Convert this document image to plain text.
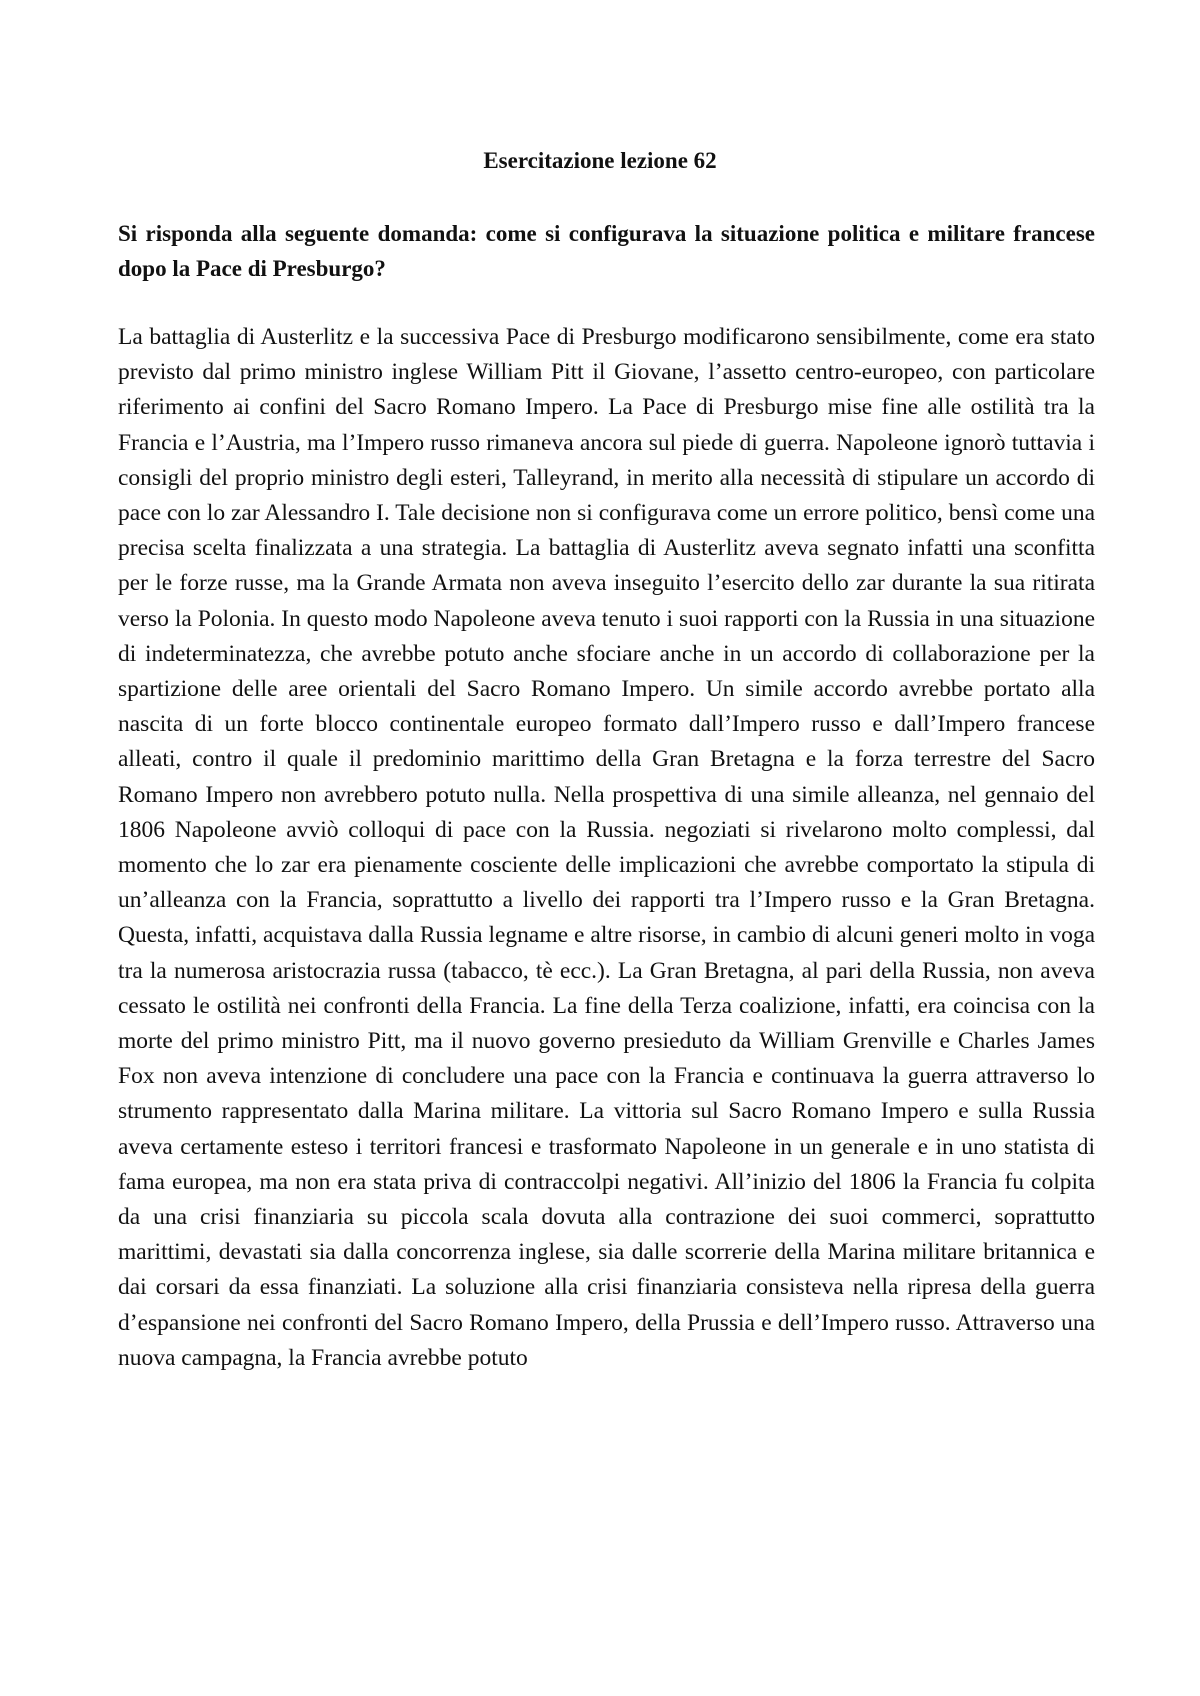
Esercitazione lezione 62

Si risponda alla seguente domanda: come si configurava la situazione politica e militare francese dopo la Pace di Presburgo?

La battaglia di Austerlitz e la successiva Pace di Presburgo modificarono sensibilmente, come era stato previsto dal primo ministro inglese William Pitt il Giovane, l’assetto centro-europeo, con particolare riferimento ai confini del Sacro Romano Impero. La Pace di Presburgo mise fine alle ostilità tra la Francia e l’Austria, ma l’Impero russo rimaneva ancora sul piede di guerra. Napoleone ignorò tuttavia i consigli del proprio ministro degli esteri, Talleyrand, in merito alla necessità di stipulare un accordo di pace con lo zar Alessandro I. Tale decisione non si configurava come un errore politico, bensì come una precisa scelta finalizzata a una strategia. La battaglia di Austerlitz aveva segnato infatti una sconfitta per le forze russe, ma la Grande Armata non aveva inseguito l’esercito dello zar durante la sua ritirata verso la Polonia. In questo modo Napoleone aveva tenuto i suoi rapporti con la Russia in una situazione di indeterminatezza, che avrebbe potuto anche sfociare anche in un accordo di collaborazione per la spartizione delle aree orientali del Sacro Romano Impero. Un simile accordo avrebbe portato alla nascita di un forte blocco continentale europeo formato dall’Impero russo e dall’Impero francese alleati, contro il quale il predominio marittimo della Gran Bretagna e la forza terrestre del Sacro Romano Impero non avrebbero potuto nulla. Nella prospettiva di una simile alleanza, nel gennaio del 1806 Napoleone avviò colloqui di pace con la Russia. negoziati si rivelarono molto complessi, dal momento che lo zar era pienamente cosciente delle implicazioni che avrebbe comportato la stipula di un’alleanza con la Francia, soprattutto a livello dei rapporti tra l’Impero russo e la Gran Bretagna. Questa, infatti, acquistava dalla Russia legname e altre risorse, in cambio di alcuni generi molto in voga tra la numerosa aristocrazia russa (tabacco, tè ecc.). La Gran Bretagna, al pari della Russia, non aveva cessato le ostilità nei confronti della Francia. La fine della Terza coalizione, infatti, era coincisa con la morte del primo ministro Pitt, ma il nuovo governo presieduto da William Grenville e Charles James Fox non aveva intenzione di concludere una pace con la Francia e continuava la guerra attraverso lo strumento rappresentato dalla Marina militare. La vittoria sul Sacro Romano Impero e sulla Russia aveva certamente esteso i territori francesi e trasformato Napoleone in un generale e in uno statista di fama europea, ma non era stata priva di contraccolpi negativi. All’inizio del 1806 la Francia fu colpita da una crisi finanziaria su piccola scala dovuta alla contrazione dei suoi commerci, soprattutto marittimi, devastati sia dalla concorrenza inglese, sia dalle scorrerie della Marina militare britannica e dai corsari da essa finanziati. La soluzione alla crisi finanziaria consisteva nella ripresa della guerra d’espansione nei confronti del Sacro Romano Impero, della Prussia e dell’Impero russo. Attraverso una nuova campagna, la Francia avrebbe potuto
